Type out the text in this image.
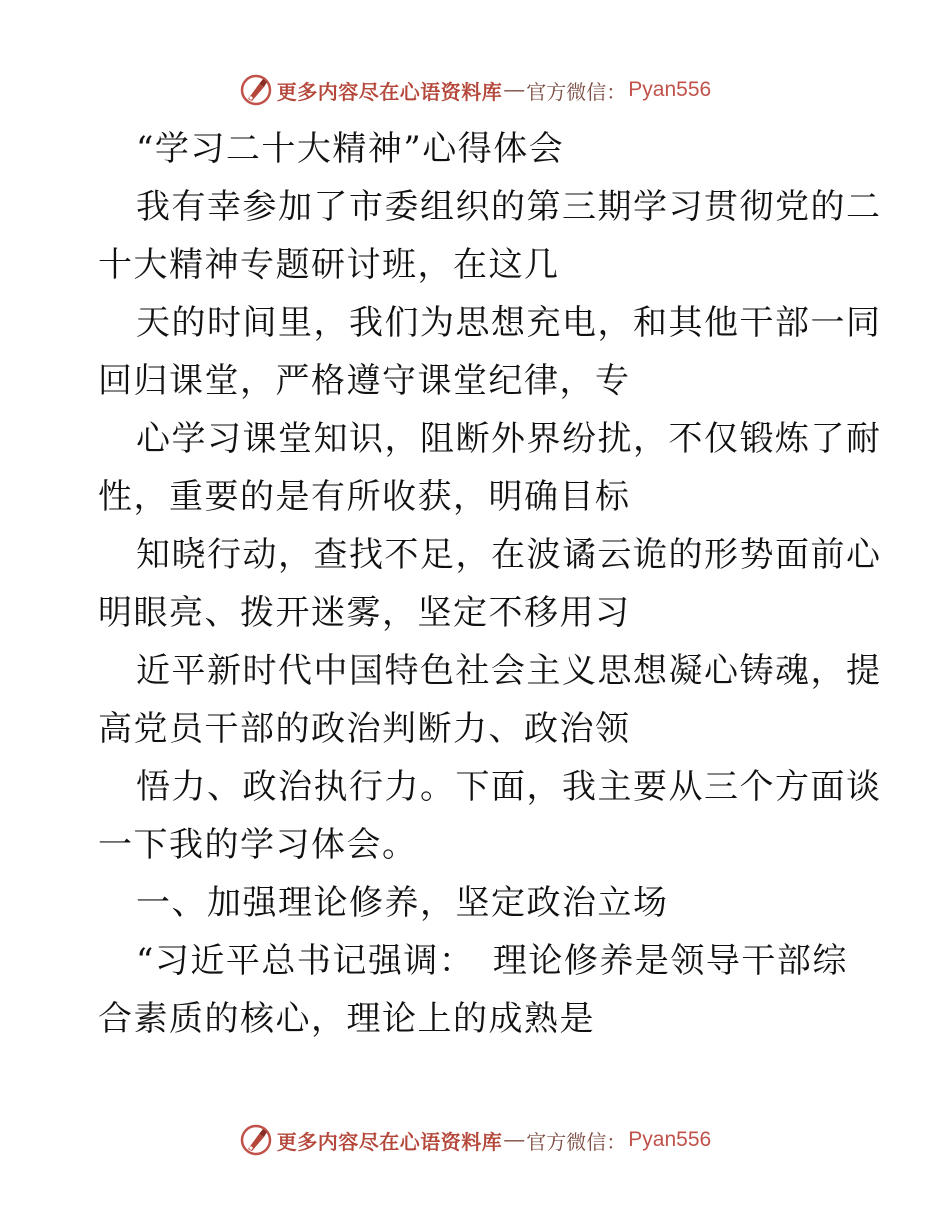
更多内容尽在心语资料库 — 官方微信： Pyan556
“学习二十大精神”心得体会
我有幸参加了市委组织的第三期学习贯彻党的二
十大精神专题研讨班，在这几
天的时间里，我们为思想充电，和其他干部一同
回归课堂，严格遵守课堂纪律，专
心学习课堂知识，阻断外界纷扰，不仅锻炼了耐
性，重要的是有所收获，明确目标
知晓行动，查找不足，在波谲云诡的形势面前心
明眼亮、拨开迷雾，坚定不移用习
近平新时代中国特色社会主义思想凝心铸魂，提
高党员干部的政治判断力、政治领
悟力、政治执行力。下面，我主要从三个方面谈
一下我的学习体会。
一、加强理论修养，坚定政治立场
“习近平总书记强调：　理论修养是领导干部综
合素质的核心，理论上的成熟是
更多内容尽在心语资料库 — 官方微信： Pyan556
